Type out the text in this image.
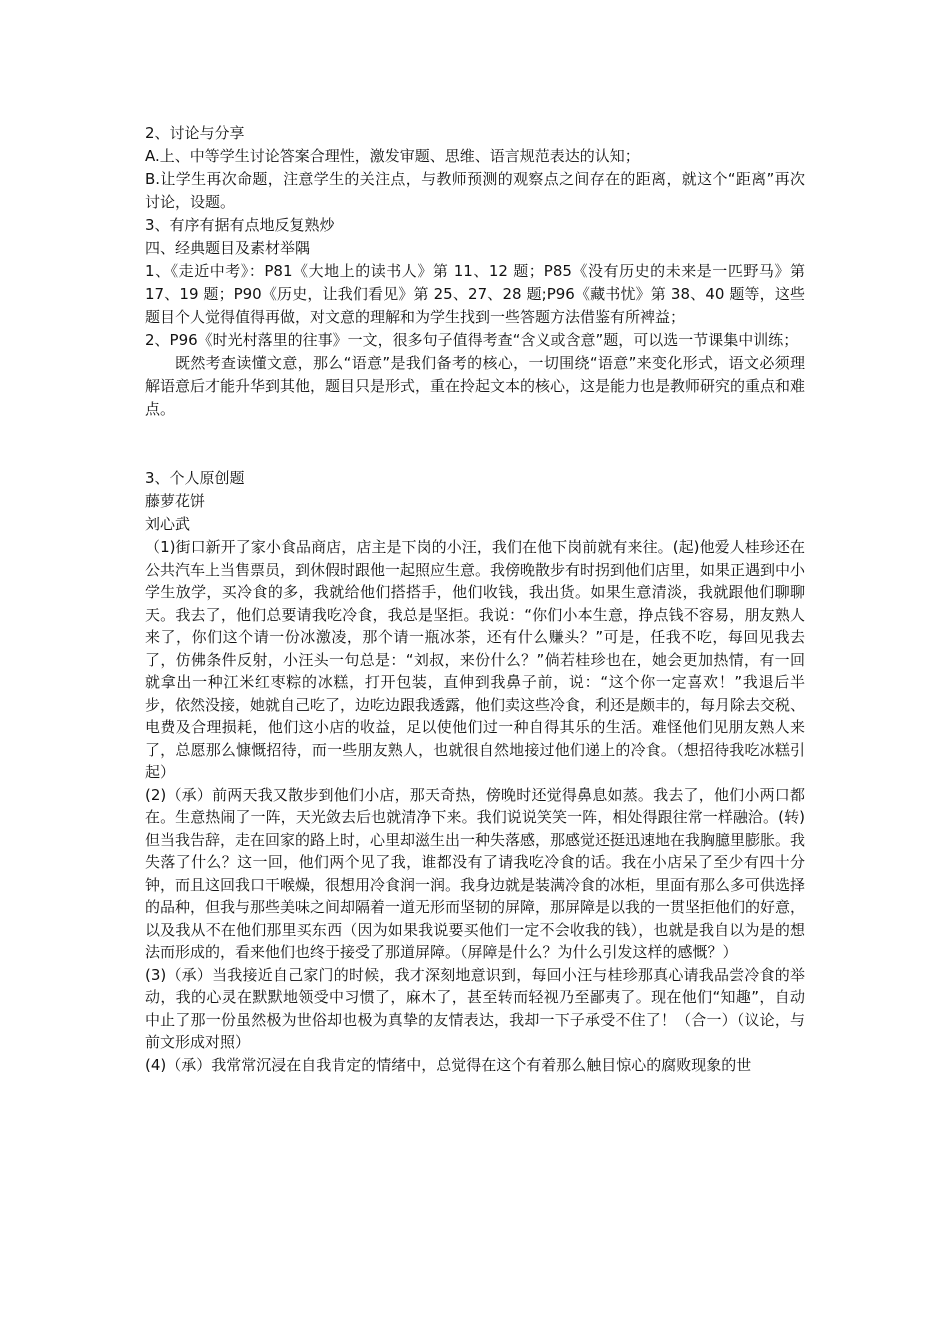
2、讨论与分享

A.上、中等学生讨论答案合理性，激发审题、思维、语言规范表达的认知；

B.让学生再次命题，注意学生的关注点，与教师预测的观察点之间存在的距离，就这个“距离”再次讨论，设题。

3、有序有据有点地反复熟炒
四、经典题目及素材举隅

1、《走近中考》：P81《大地上的读书人》第 11、12 题；P85《没有历史的未来是一匹野马》第 17、19 题；P90《历史，让我们看见》第 25、27、28 题;P96《藏书忧》第 38、40 题等，这些题目个人觉得值得再做，对文意的理解和为学生找到一些答题方法借鉴有所裨益；

2、P96《时光村落里的往事》一文，很多句子值得考查“含义或含意”题，可以选一节课集中训练；

既然考查读懂文意，那么“语意”是我们备考的核心，一切围绕“语意”来变化形式，语文必须理解语意后才能升华到其他，题目只是形式，重在拎起文本的核心，这是能力也是教师研究的重点和难点。

3、个人原创题
藤萝花饼
刘心武

（1)街口新开了家小食品商店，店主是下岗的小汪，我们在他下岗前就有来往。(起)他爱人桂珍还在公共汽车上当售票员，到休假时跟他一起照应生意。我傍晚散步有时拐到他们店里，如果正遇到中小学生放学，买冷食的多，我就给他们搭搭手，他们收钱，我出货。如果生意清淡，我就跟他们聊聊天。我去了，他们总要请我吃冷食，我总是坚拒。我说：“你们小本生意，挣点钱不容易，朋友熟人来了，你们这个请一份冰激凌，那个请一瓶冰茶，还有什么赚头？”可是，任我不吃，每回见我去了，仿佛条件反射，小汪头一句总是：“刘叔，来份什么？”倘若桂珍也在，她会更加热情，有一回就拿出一种江米红枣粽的冰糕，打开包装，直伸到我鼻子前，说：“这个你一定喜欢！”我退后半步，依然没接，她就自己吃了，边吃边跟我透露，他们卖这些冷食，利还是颇丰的，每月除去交税、电费及合理损耗，他们这小店的收益，足以使他们过一种自得其乐的生活。难怪他们见朋友熟人来了，总愿那么慷慨招待，而一些朋友熟人，也就很自然地接过他们递上的冷食。（想招待我吃冰糕引起）

(2)（承）前两天我又散步到他们小店，那天奇热，傍晚时还觉得鼻息如蒸。我去了，他们小两口都在。生意热闹了一阵，天光敛去后也就清净下来。我们说说笑笑一阵，相处得跟往常一样融洽。(转)但当我告辞，走在回家的路上时，心里却滋生出一种失落感，那感觉还挺迅速地在我胸臆里膨胀。我失落了什么？这一回，他们两个见了我，谁都没有了请我吃冷食的话。我在小店呆了至少有四十分钟，而且这回我口干喉燥，很想用冷食润一润。我身边就是装满冷食的冰柜，里面有那么多可供选择的品种，但我与那些美味之间却隔着一道无形而坚韧的屏障，那屏障是以我的一贯坚拒他们的好意，以及我从不在他们那里买东西（因为如果我说要买他们一定不会收我的钱），也就是我自以为是的想法而形成的，看来他们也终于接受了那道屏障。（屏障是什么？为什么引发这样的感慨？）

(3)（承）当我接近自己家门的时候，我才深刻地意识到，每回小汪与桂珍那真心请我品尝冷食的举动，我的心灵在默默地领受中习惯了，麻木了，甚至转而轻视乃至鄙夷了。现在他们“知趣”，自动中止了那一份虽然极为世俗却也极为真挚的友情表达，我却一下子承受不住了！（合一）（议论，与前文形成对照）

(4)（承）我常常沉浸在自我肯定的情绪中，总觉得在这个有着那么触目惊心的腐败现象的世
